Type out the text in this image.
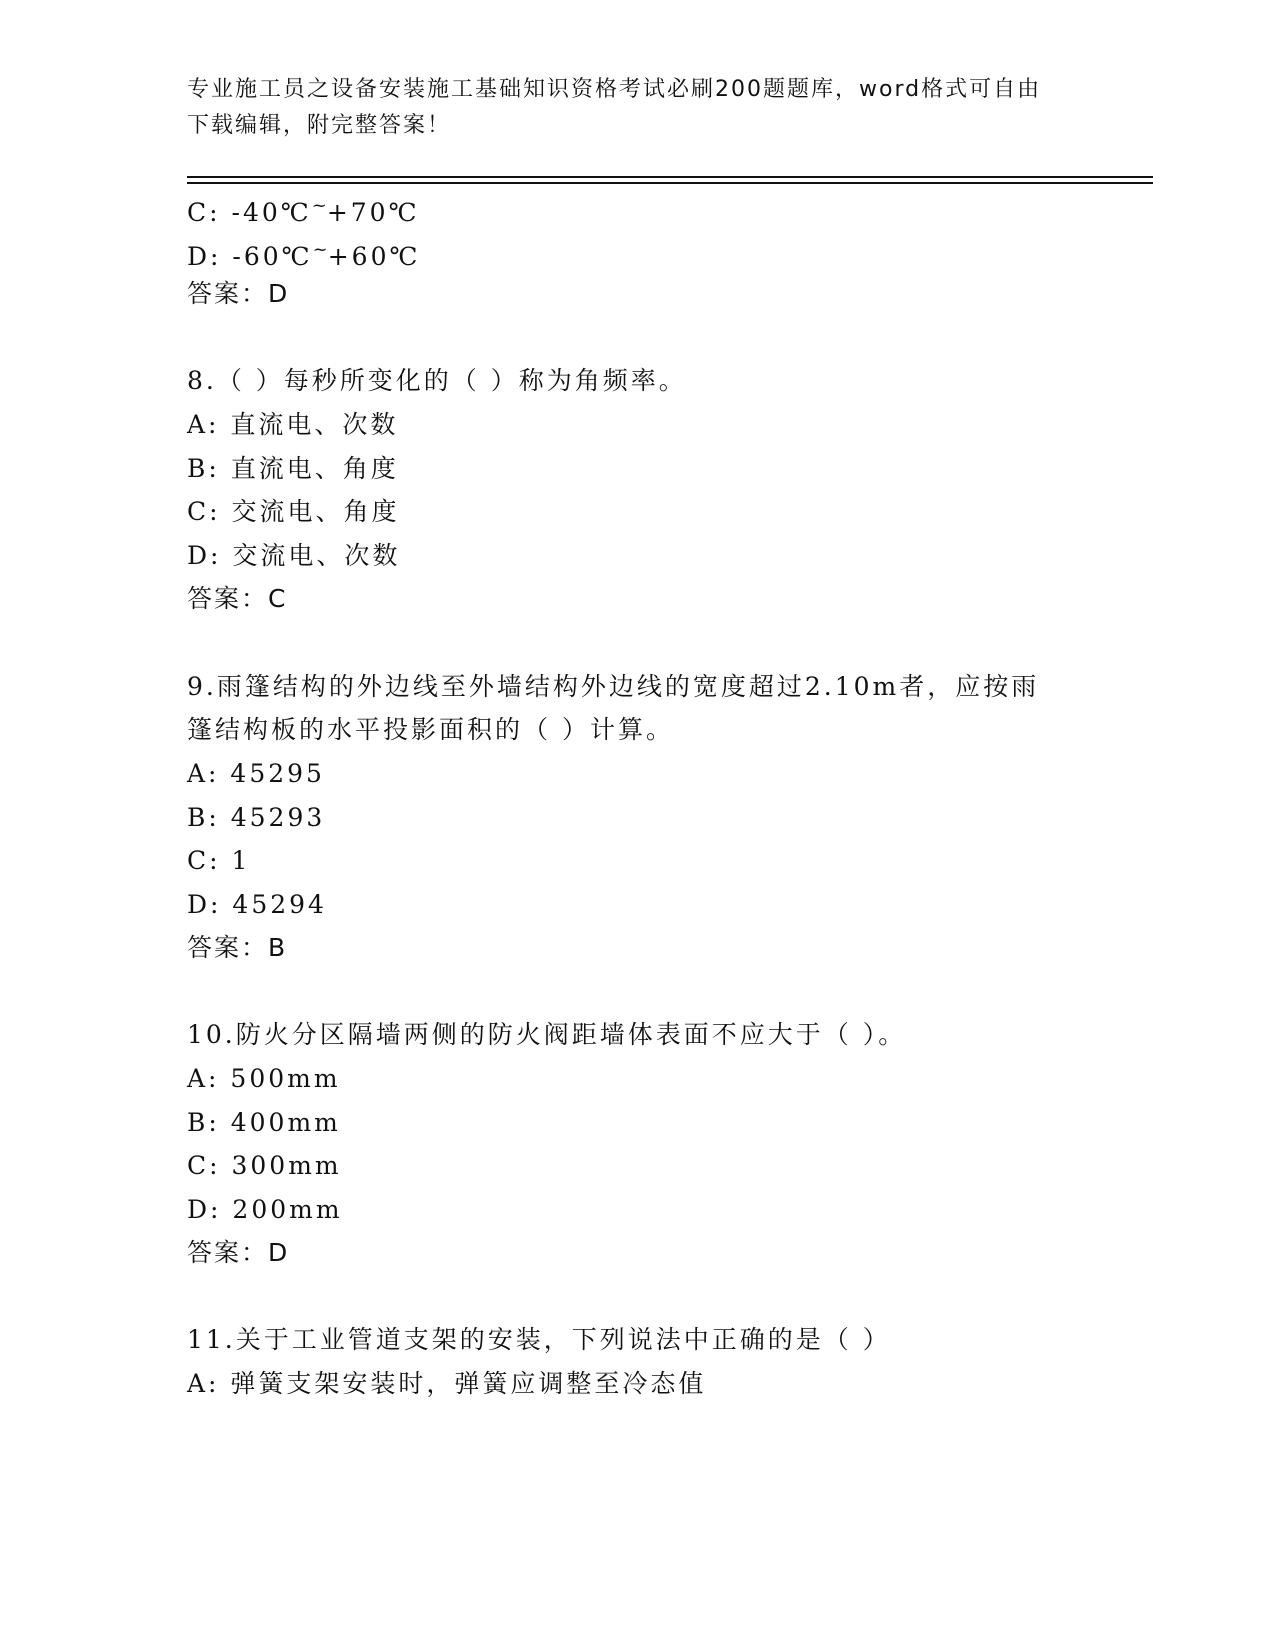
专业施工员之设备安装施工基础知识资格考试必刷200题题库，word格式可自由
下载编辑，附完整答案！
C: -40℃~+70℃
D: -60℃~+60℃
答案：D
8.（ ）每秒所变化的（ ）称为角频率。
A: 直流电、次数
B: 直流电、角度
C: 交流电、角度
D: 交流电、次数
答案：C
9.雨篷结构的外边线至外墙结构外边线的宽度超过2.10m者，应按雨
篷结构板的水平投影面积的（ ）计算。
A: 45295
B: 45293
C: 1
D: 45294
答案：B
10.防火分区隔墙两侧的防火阀距墙体表面不应大于（ ）。
A: 500mm
B: 400mm
C: 300mm
D: 200mm
答案：D
11.关于工业管道支架的安装，下列说法中正确的是（ ）
A: 弹簧支架安装时，弹簧应调整至冷态值
